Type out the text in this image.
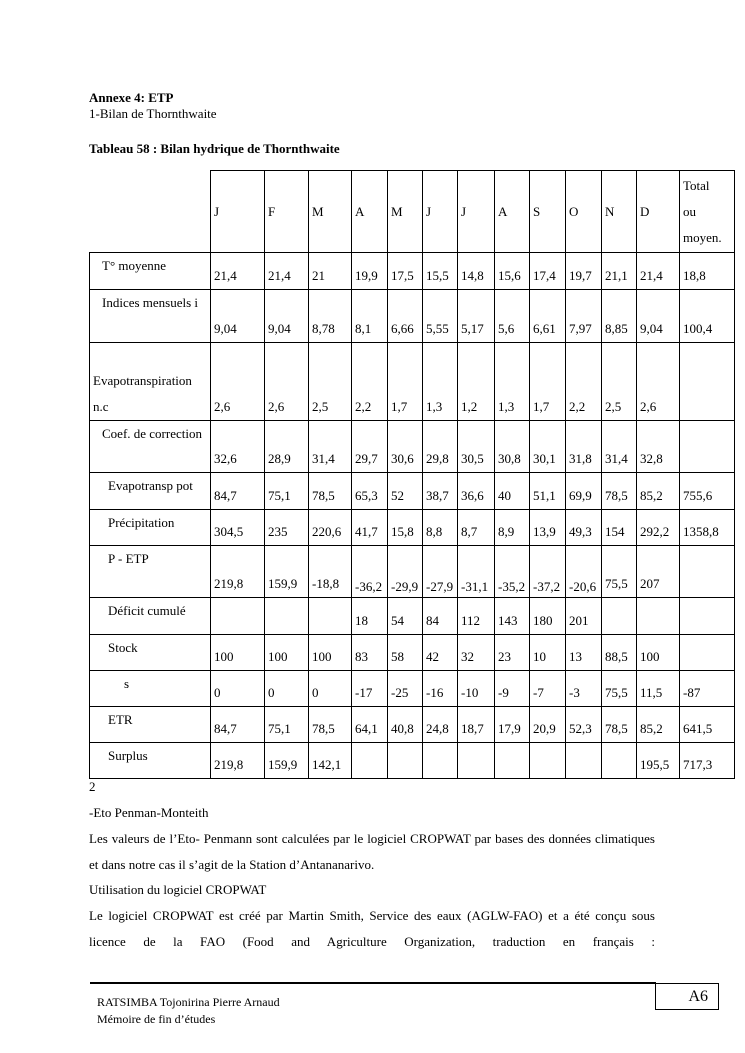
Annexe 4: ETP
1-Bilan de Thornthwaite
Tableau 58 : Bilan hydrique de Thornthwaite
	J	F	M	A	M	J	J	A	S	O	N	D	Total
ou
moyen.

T° moyenne	21,4	21,4	21	19,9	17,5	15,5	14,8	15,6	17,4	19,7	21,1	21,4	18,8
Indices mensuels i	9,04	9,04	8,78	8,1	6,66	5,55	5,17	5,6	6,61	7,97	8,85	9,04	100,4
Evapotranspiration n.c	2,6	2,6	2,5	2,2	1,7	1,3	1,2	1,3	1,7	2,2	2,5	2,6	
Coef. de correction	32,6	28,9	31,4	29,7	30,6	29,8	30,5	30,8	30,1	31,8	31,4	32,8	
Evapotransp pot	84,7	75,1	78,5	65,3	52	38,7	36,6	40	51,1	69,9	78,5	85,2	755,6
Précipitation	304,5	235	220,6	41,7	15,8	8,8	8,7	8,9	13,9	49,3	154	292,2	1358,8
P - ETP	219,8	159,9	-18,8	-36,2	-29,9	-27,9	-31,1	-35,2	-37,2	-20,6	75,5	207	
Déficit cumulé				18	54	84	112	143	180	201			
Stock	100	100	100	83	58	42	32	23	10	13	88,5	100	
s	0	0	0	-17	-25	-16	-10	-9	-7	-3	75,5	11,5	-87
ETR	84,7	75,1	78,5	64,1	40,8	24,8	18,7	17,9	20,9	52,3	78,5	85,2	641,5
Surplus	219,8	159,9	142,1									195,5	717,3
2
-Eto Penman-Monteith
Les valeurs de l’Eto- Penmann sont calculées par le logiciel CROPWAT par bases des données climatiques et dans notre cas il s’agit de la Station d’Antananarivo.
Utilisation du logiciel CROPWAT
Le logiciel CROPWAT est créé par Martin Smith, Service des eaux (AGLW-FAO) et a été conçu sous licence de la FAO (Food and Agriculture Organization, traduction en français :
A6
RATSIMBA Tojonirina Pierre Arnaud
Mémoire de fin d’études
